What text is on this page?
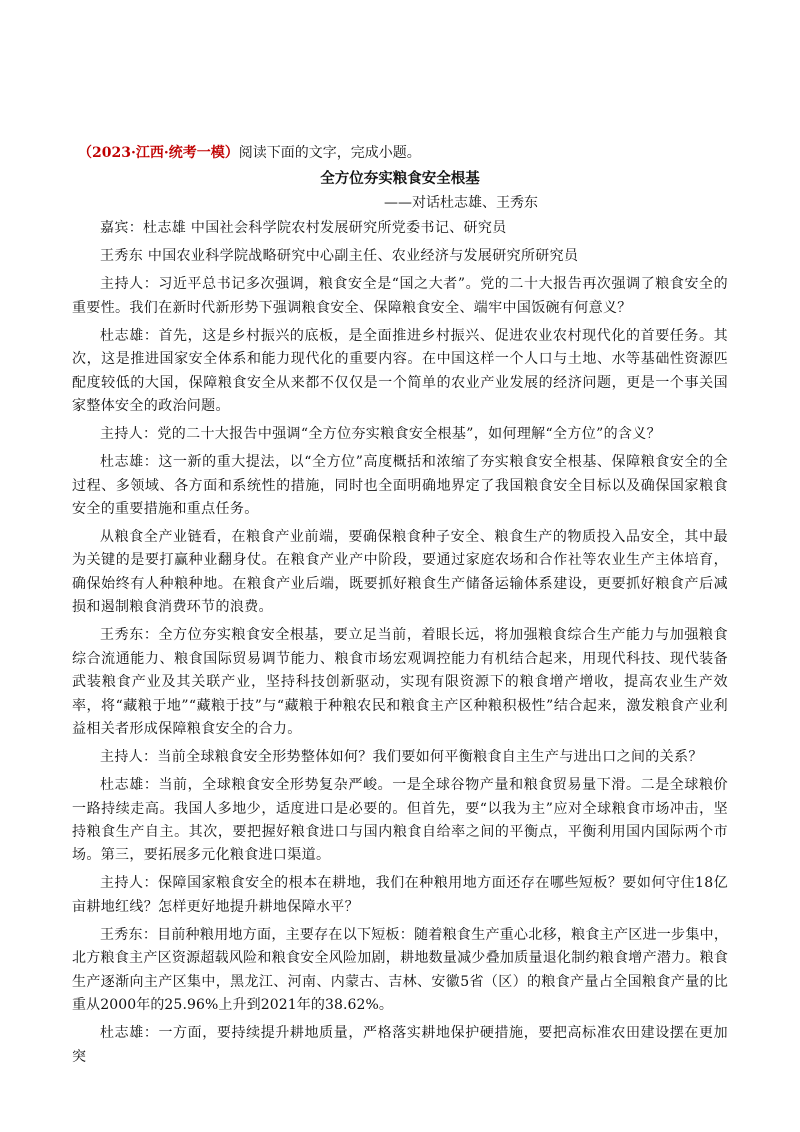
（2023·江西·统考一模）阅读下面的文字，完成小题。

全方位夯实粮食安全根基

——对话杜志雄、王秀东

嘉宾：杜志雄 中国社会科学院农村发展研究所党委书记、研究员

王秀东 中国农业科学院战略研究中心副主任、农业经济与发展研究所研究员

主持人：习近平总书记多次强调，粮食安全是“国之大者”。党的二十大报告再次强调了粮食安全的重要性。我们在新时代新形势下强调粮食安全、保障粮食安全、端牢中国饭碗有何意义？

杜志雄：首先，这是乡村振兴的底板，是全面推进乡村振兴、促进农业农村现代化的首要任务。其次，这是推进国家安全体系和能力现代化的重要内容。在中国这样一个人口与土地、水等基础性资源匹配度较低的大国，保障粮食安全从来都不仅仅是一个简单的农业产业发展的经济问题，更是一个事关国家整体安全的政治问题。

主持人：党的二十大报告中强调“全方位夯实粮食安全根基”，如何理解“全方位”的含义？

杜志雄：这一新的重大提法，以“全方位”高度概括和浓缩了夯实粮食安全根基、保障粮食安全的全过程、多领域、各方面和系统性的措施，同时也全面明确地界定了我国粮食安全目标以及确保国家粮食安全的重要措施和重点任务。

从粮食全产业链看，在粮食产业前端，要确保粮食种子安全、粮食生产的物质投入品安全，其中最为关键的是要打赢种业翻身仗。在粮食产业产中阶段，要通过家庭农场和合作社等农业生产主体培育，确保始终有人种粮种地。在粮食产业后端，既要抓好粮食生产储备运输体系建设，更要抓好粮食产后减损和遏制粮食消费环节的浪费。

王秀东：全方位夯实粮食安全根基，要立足当前，着眼长远，将加强粮食综合生产能力与加强粮食综合流通能力、粮食国际贸易调节能力、粮食市场宏观调控能力有机结合起来，用现代科技、现代装备武装粮食产业及其关联产业，坚持科技创新驱动，实现有限资源下的粮食增产增收，提高农业生产效率，将“藏粮于地”“藏粮于技”与“藏粮于种粮农民和粮食主产区种粮积极性”结合起来，激发粮食产业利益相关者形成保障粮食安全的合力。

主持人：当前全球粮食安全形势整体如何？我们要如何平衡粮食自主生产与进出口之间的关系？

杜志雄：当前，全球粮食安全形势复杂严峻。一是全球谷物产量和粮食贸易量下滑。二是全球粮价一路持续走高。我国人多地少，适度进口是必要的。但首先，要“以我为主”应对全球粮食市场冲击，坚持粮食生产自主。其次，要把握好粮食进口与国内粮食自给率之间的平衡点，平衡利用国内国际两个市场。第三，要拓展多元化粮食进口渠道。

主持人：保障国家粮食安全的根本在耕地，我们在种粮用地方面还存在哪些短板？要如何守住18亿亩耕地红线？怎样更好地提升耕地保障水平？

王秀东：目前种粮用地方面，主要存在以下短板：随着粮食生产重心北移，粮食主产区进一步集中，北方粮食主产区资源超载风险和粮食安全风险加剧，耕地数量减少叠加质量退化制约粮食增产潜力。粮食生产逐渐向主产区集中，黑龙江、河南、内蒙古、吉林、安徽5省（区）的粮食产量占全国粮食产量的比重从2000年的25.96%上升到2021年的38.62%。

杜志雄：一方面，要持续提升耕地质量，严格落实耕地保护硬措施，要把高标准农田建设摆在更加突
